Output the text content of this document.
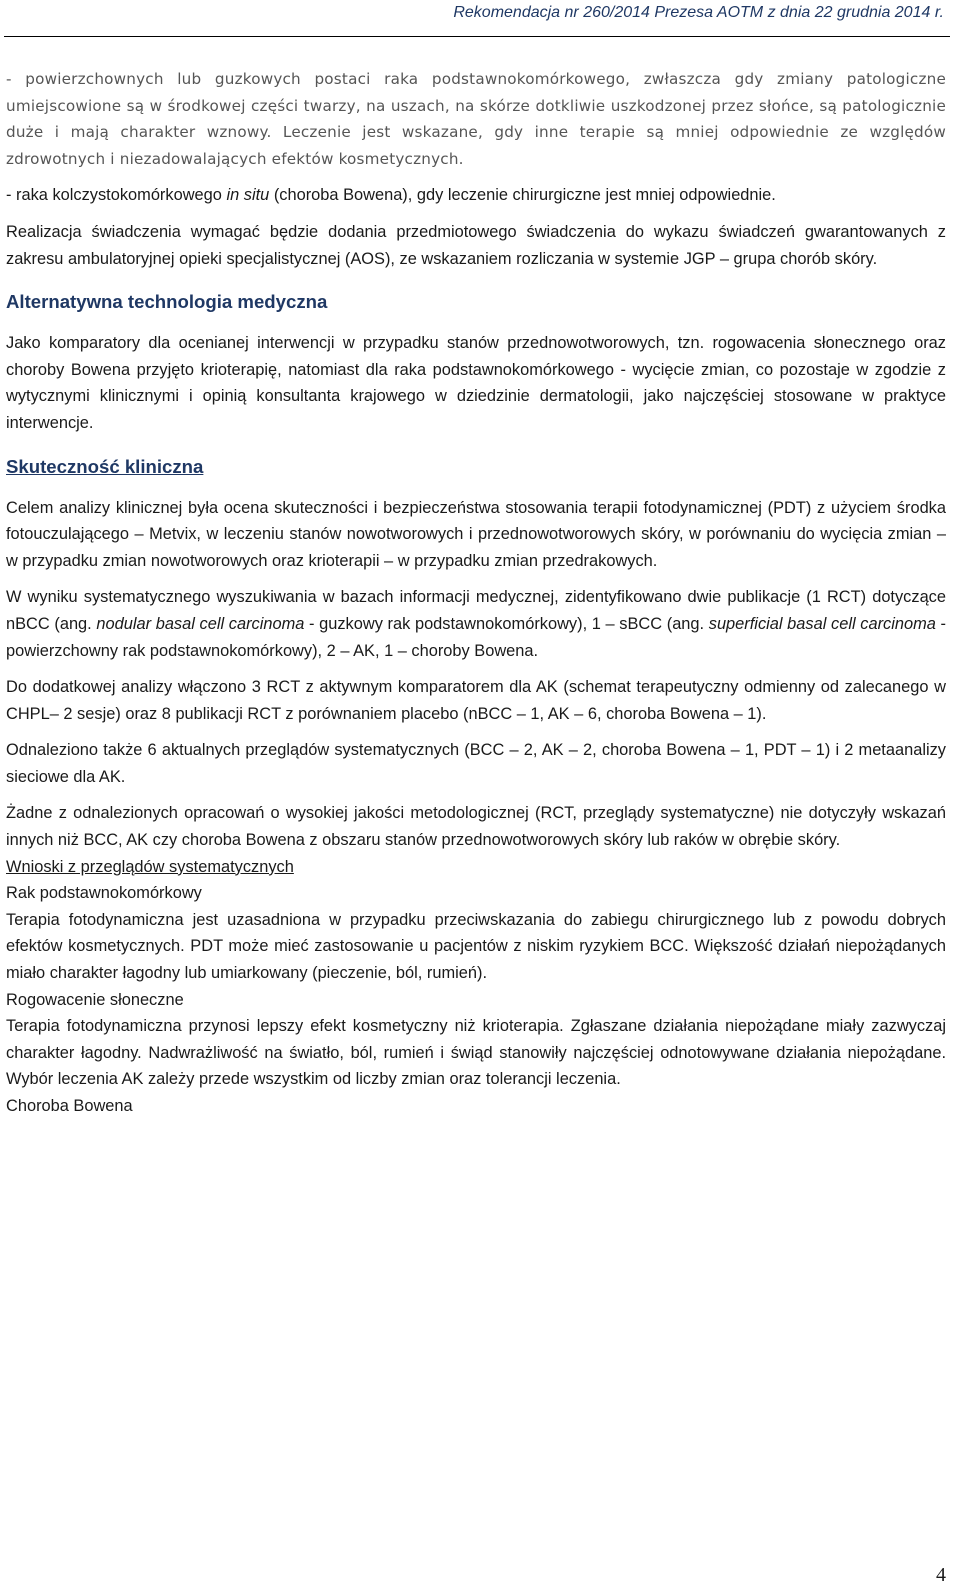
Rekomendacja nr 260/2014 Prezesa AOTM z dnia 22 grudnia 2014 r.

- powierzchownych lub guzkowych postaci raka podstawnokomórkowego, zwłaszcza gdy zmiany patologiczne umiejscowione są w środkowej części twarzy, na uszach, na skórze dotkliwie uszkodzonej przez słońce, są patologicznie duże i mają charakter wznowy. Leczenie jest wskazane, gdy inne terapie są mniej odpowiednie ze względów zdrowotnych i niezadowalających efektów kosmetycznych.

- raka kolczystokomórkowego in situ (choroba Bowena), gdy leczenie chirurgiczne jest mniej odpowiednie.

Realizacja świadczenia wymagać będzie dodania przedmiotowego świadczenia do wykazu świadczeń gwarantowanych z zakresu ambulatoryjnej opieki specjalistycznej (AOS), ze wskazaniem rozliczania w systemie JGP – grupa chorób skóry.

Alternatywna technologia medyczna

Jako komparatory dla ocenianej interwencji w przypadku stanów przednowotworowych, tzn. rogowacenia słonecznego oraz choroby Bowena przyjęto krioterapię, natomiast dla raka podstawnokomórkowego - wycięcie zmian, co pozostaje w zgodzie z wytycznymi klinicznymi i opinią konsultanta krajowego w dziedzinie dermatologii, jako najczęściej stosowane w praktyce interwencje.

Skuteczność kliniczna

Celem analizy klinicznej była ocena skuteczności i bezpieczeństwa stosowania terapii fotodynamicznej (PDT) z użyciem środka fotouczulającego – Metvix, w leczeniu stanów nowotworowych i przednowotworowych skóry, w porównaniu do wycięcia zmian – w przypadku zmian nowotworowych oraz krioterapii – w przypadku zmian przedrakowych.

W wyniku systematycznego wyszukiwania w bazach informacji medycznej, zidentyfikowano dwie publikacje (1 RCT) dotyczące nBCC (ang. nodular basal cell carcinoma - guzkowy rak podstawnokomórkowy), 1 – sBCC (ang. superficial basal cell carcinoma - powierzchowny rak podstawnokomórkowy), 2 – AK, 1 – choroby Bowena.

Do dodatkowej analizy włączono 3 RCT z aktywnym komparatorem dla AK (schemat terapeutyczny odmienny od zalecanego w CHPL– 2 sesje) oraz 8 publikacji RCT z porównaniem placebo (nBCC – 1, AK – 6, choroba Bowena – 1).

Odnaleziono także 6 aktualnych przeglądów systematycznych (BCC – 2, AK – 2, choroba Bowena – 1, PDT – 1) i 2 metaanalizy sieciowe dla AK.

Żadne z odnalezionych opracowań o wysokiej jakości metodologicznej (RCT, przeglądy systematyczne) nie dotyczyły wskazań innych niż BCC, AK czy choroba Bowena z obszaru stanów przednowotworowych skóry lub raków w obrębie skóry.

Wnioski z przeglądów systematycznych

Rak podstawnokomórkowy

Terapia fotodynamiczna jest uzasadniona w przypadku przeciwskazania do zabiegu chirurgicznego lub z powodu dobrych efektów kosmetycznych. PDT może mieć zastosowanie u pacjentów z niskim ryzykiem BCC. Większość działań niepożądanych miało charakter łagodny lub umiarkowany (pieczenie, ból, rumień).

Rogowacenie słoneczne

Terapia fotodynamiczna przynosi lepszy efekt kosmetyczny niż krioterapia. Zgłaszane działania niepożądane miały zazwyczaj charakter łagodny. Nadwrażliwość na światło, ból, rumień i świąd stanowiły najczęściej odnotowywane działania niepożądane. Wybór leczenia AK zależy przede wszystkim od liczby zmian oraz tolerancji leczenia.

Choroba Bowena

4
